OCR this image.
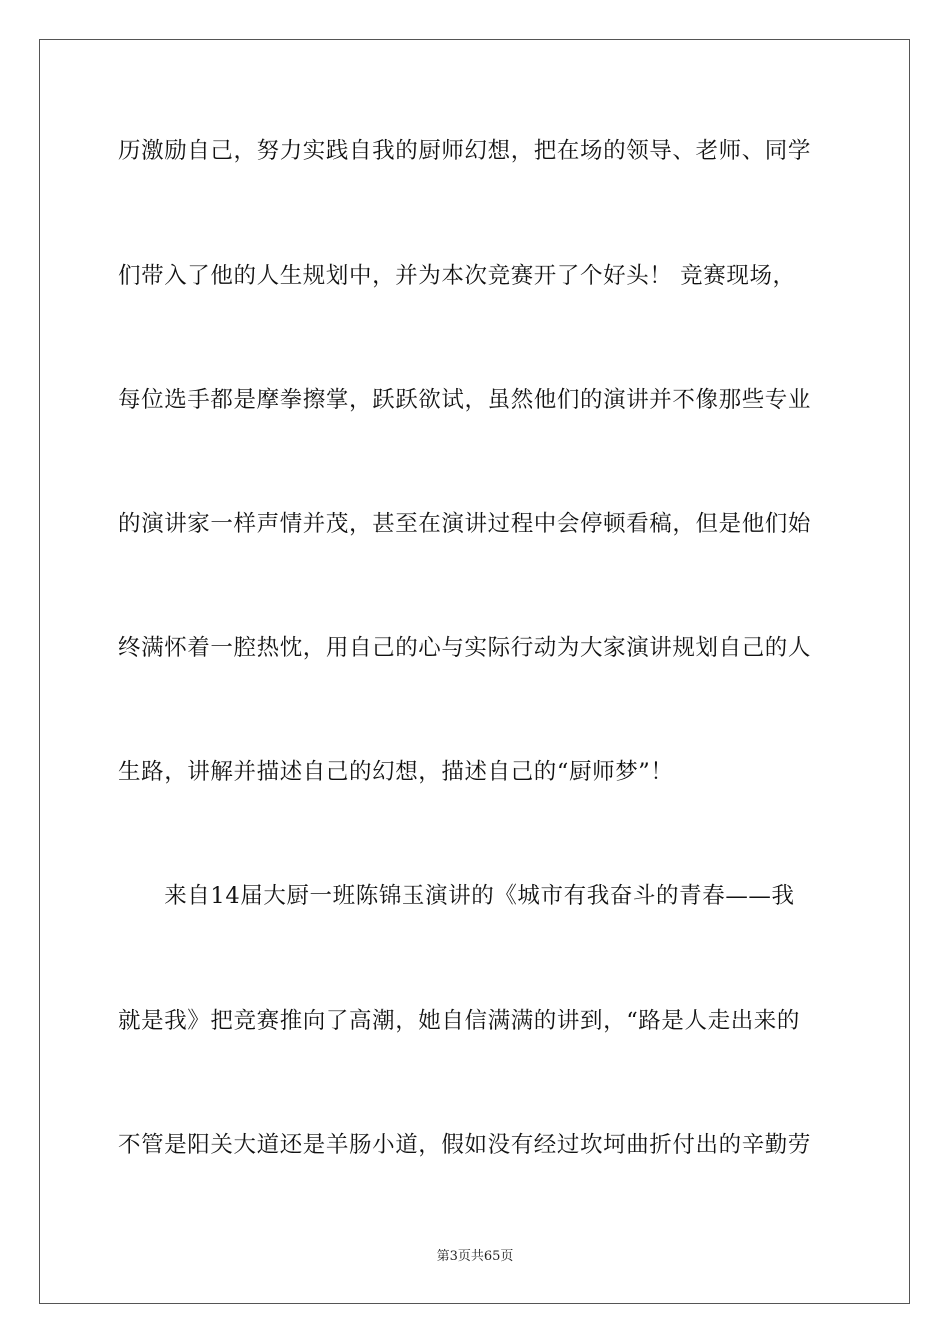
历激励自己，努力实践自我的厨师幻想，把在场的领导、老师、同学
们带入了他的人生规划中，并为本次竞赛开了个好头！ 竞赛现场，
每位选手都是摩拳擦掌，跃跃欲试，虽然他们的演讲并不像那些专业
的演讲家一样声情并茂，甚至在演讲过程中会停顿看稿，但是他们始
终满怀着一腔热忱，用自己的心与实际行动为大家演讲规划自己的人
生路，讲解并描述自己的幻想，描述自己的“厨师梦”！
　　来自14届大厨一班陈锦玉演讲的《城市有我奋斗的青春——我
就是我》把竞赛推向了高潮，她自信满满的讲到，“路是人走出来的
不管是阳关大道还是羊肠小道，假如没有经过坎坷曲折付出的辛勤劳
第3页共65页
